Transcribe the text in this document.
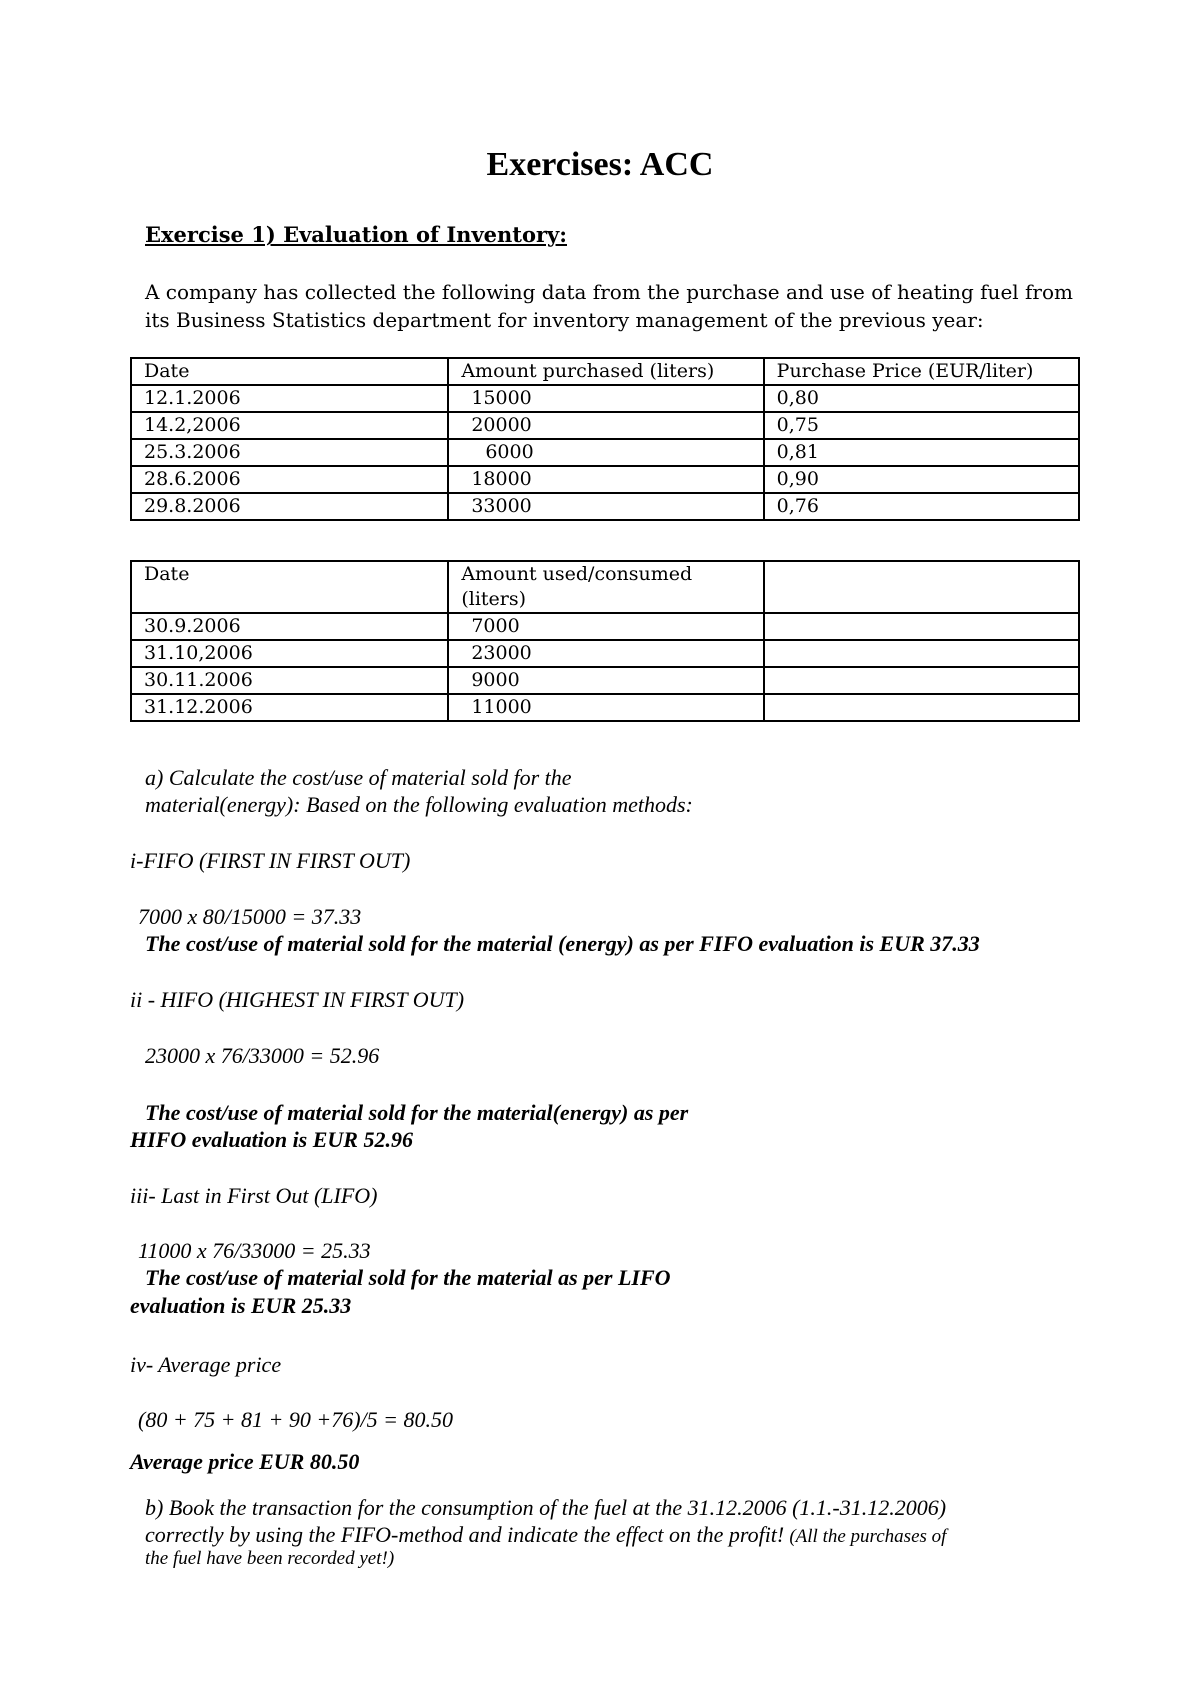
Exercises: ACC
Exercise 1) Evaluation of Inventory:
A company has collected the following data from the purchase and use of heating fuel from
its Business Statistics department for inventory management of the previous year:
Date	Amount purchased (liters)	Purchase Price (EUR/liter)
12.1.2006	15000	0,80
14.2,2006	20000	0,75
25.3.2006	6000	0,81
28.6.2006	18000	0,90
29.8.2006	33000	0,76
Date	Amount used/consumed
(liters)	

30.9.2006	7000	
31.10,2006	23000	
30.11.2006	9000	
31.12.2006	11000	
a) Calculate the cost/use of material sold for the
material(energy): Based on the following evaluation methods:
i-FIFO (FIRST IN FIRST OUT)
7000 x 80/15000 = 37.33
The cost/use of material sold for the material (energy) as per FIFO evaluation is EUR 37.33
ii - HIFO (HIGHEST IN FIRST OUT)
23000 x 76/33000 = 52.96
The cost/use of material sold for the material(energy) as per
HIFO evaluation is EUR 52.96
iii- Last in First Out (LIFO)
11000 x 76/33000 = 25.33
The cost/use of material sold for the material as per LIFO
evaluation is EUR 25.33
iv- Average price
(80 + 75 + 81 + 90 +76)/5 = 80.50
Average price EUR 80.50
b) Book the transaction for the consumption of the fuel at the 31.12.2006 (1.1.-31.12.2006)
correctly by using the FIFO-method and indicate the effect on the profit! (All the purchases of
the fuel have been recorded yet!)
